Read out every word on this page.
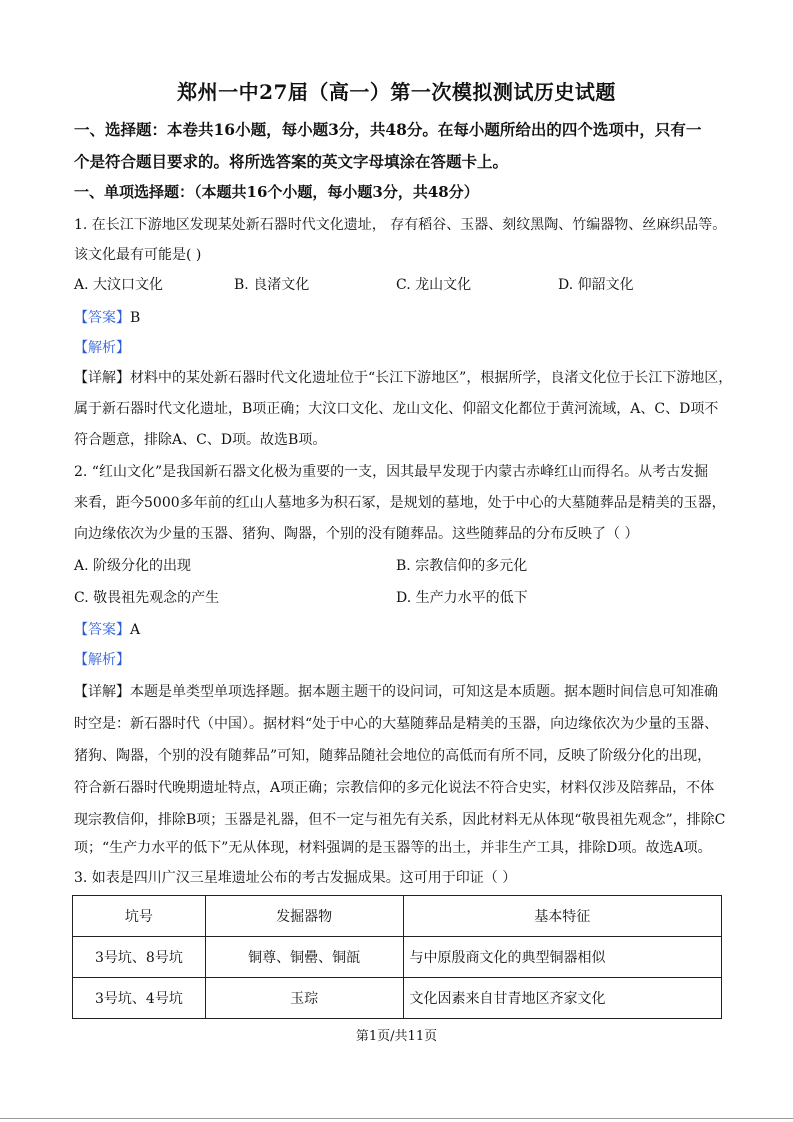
郑州一中27届（高一）第一次模拟测试历史试题
一、选择题：本卷共16小题，每小题3分，共48分。在每小题所给出的四个选项中，只有一
个是符合题目要求的。将所选答案的英文字母填涂在答题卡上。
一、单项选择题：（本题共16个小题，每小题3分，共48分）
1. 在长江下游地区发现某处新石器时代文化遗址， 存有稻谷、玉器、刻纹黑陶、竹编器物、丝麻织品等。
该文化最有可能是( )
A. 大汶口文化	B. 良渚文化	C. 龙山文化	D. 仰韶文化
【答案】B
【解析】
【详解】材料中的某处新石器时代文化遗址位于“长江下游地区”，根据所学，良渚文化位于长江下游地区，
属于新石器时代文化遗址，B项正确；大汶口文化、龙山文化、仰韶文化都位于黄河流域，A、C、D项不
符合题意，排除A、C、D项。故选B项。
2. “红山文化”是我国新石器文化极为重要的一支，因其最早发现于内蒙古赤峰红山而得名。从考古发掘
来看，距今5000多年前的红山人墓地多为积石冢，是规划的墓地，处于中心的大墓随葬品是精美的玉器，
向边缘依次为少量的玉器、猪狗、陶器，个别的没有随葬品。这些随葬品的分布反映了（ ）
A. 阶级分化的出现	B. 宗教信仰的多元化
C. 敬畏祖先观念的产生	D. 生产力水平的低下
【答案】A
【解析】
【详解】本题是单类型单项选择题。据本题主题干的设问词，可知这是本质题。据本题时间信息可知准确
时空是：新石器时代（中国）。据材料“处于中心的大墓随葬品是精美的玉器，向边缘依次为少量的玉器、
猪狗、陶器，个别的没有随葬品”可知，随葬品随社会地位的高低而有所不同，反映了阶级分化的出现，
符合新石器时代晚期遗址特点，A项正确；宗教信仰的多元化说法不符合史实，材料仅涉及陪葬品，不体
现宗教信仰，排除B项；玉器是礼器，但不一定与祖先有关系，因此材料无从体现“敬畏祖先观念”，排除C
项；“生产力水平的低下”无从体现，材料强调的是玉器等的出土，并非生产工具，排除D项。故选A项。
3. 如表是四川广汉三星堆遗址公布的考古发掘成果。这可用于印证（ ）
坑号	发掘器物	基本特征
3号坑、8号坑	铜尊、铜罍、铜瓿	与中原殷商文化的典型铜器相似
3号坑、4号坑	玉琮	文化因素来自甘青地区齐家文化
第1页/共11页
